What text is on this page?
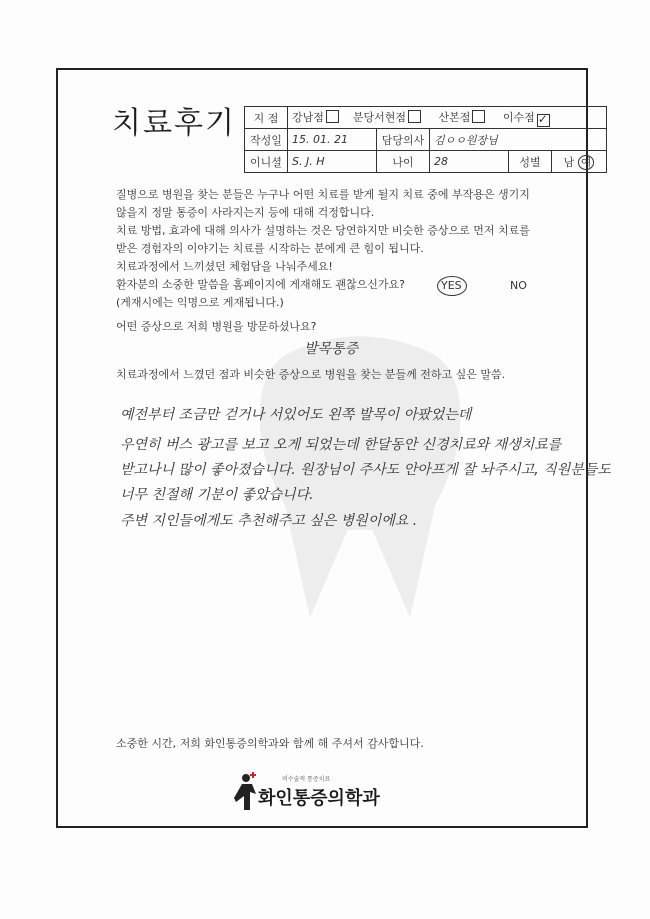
치료후기 지 점	강남점 분당서현점 산본점 이수점 ✓				
작성일	15. 01. 21	담당의사	김ㅇㅇ원장님		
이니셜	S. J. H	나이	28	성별	남 여
질병으로 병원을 찾는 분들은 누구나 어떤 치료를 받게 될지 치료 중에 부작용은 생기지
않을지 정말 통증이 사라지는지 등에 대해 걱정합니다.
치료 방법, 효과에 대해 의사가 설명하는 것은 당연하지만 비슷한 증상으로 먼저 치료를
받은 경험자의 이야기는 치료를 시작하는 분에게 큰 힘이 됩니다.
치료과정에서 느끼셨던 체험담을 나눠주세요!
환자분의 소중한 말씀을 홈페이지에 게재해도 괜찮으신가요?	YES	NO
(게재시에는 익명으로 게재됩니다.)
어떤 증상으로 저희 병원을 방문하셨나요?
발목통증
치료과정에서 느꼈던 점과 비슷한 증상으로 병원을 찾는 분들께 전하고 싶은 말씀.
예전부터 조금만 걷거나 서있어도 왼쪽 발목이 아팠었는데
우연히 버스 광고를 보고 오게 되었는데 한달동안 신경치료와 재생치료를
받고나니 많이 좋아졌습니다. 원장님이 주사도 안아프게 잘 놔주시고, 직원분들도
너무 친절해 기분이 좋았습니다.
주변 지인들에게도 추천해주고 싶은 병원이에요 .
소중한 시간, 저희 화인통증의학과와 함께 해 주셔서 감사합니다.
비수술적 통증치료
화인통증의학과
